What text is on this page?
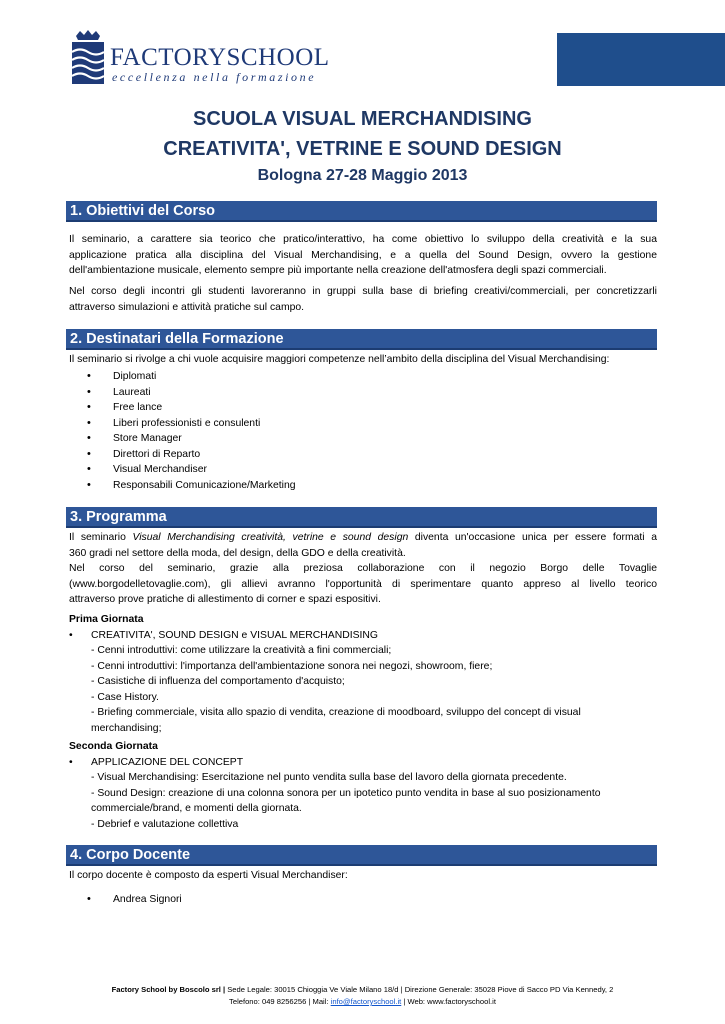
FACTORYSCHOOL
eccellenza nella formazione
SCUOLA VISUAL MERCHANDISING
CREATIVITA', VETRINE E SOUND DESIGN
Bologna 27-28 Maggio 2013
1. Obiettivi del Corso

Il seminario, a carattere sia teorico che pratico/interattivo, ha come obiettivo lo sviluppo della creatività e la sua
applicazione pratica alla disciplina del Visual Merchandising, e a quella del Sound Design, ovvero la gestione
dell'ambientazione musicale, elemento sempre più importante nella creazione dell'atmosfera degli spazi commerciali.

Nel corso degli incontri gli studenti lavoreranno in gruppi sulla base di briefing creativi/commerciali, per concretizzarli
attraverso simulazioni e attività pratiche sul campo.

2. Destinatari della Formazione

Il seminario si rivolge a chi vuole acquisire maggiori competenze nell’ambito della disciplina del Visual Merchandising:

• Diplomati
• Laureati
• Free lance
• Liberi professionisti e consulenti
• Store Manager
• Direttori di Reparto
• Visual Merchandiser
• Responsabili Comunicazione/Marketing
3. Programma

Il seminario Visual Merchandising creatività, vetrine e sound design diventa un'occasione unica per essere formati a
360 gradi nel settore della moda, del design, della GDO e della creatività.

Nel corso del seminario, grazie alla preziosa collaborazione con il negozio Borgo delle Tovaglie
(www.borgodelletovaglie.com), gli allievi avranno l'opportunità di sperimentare quanto appreso al livello teorico
attraverso prove pratiche di allestimento di corner e spazi espositivi.

Prima Giornata
• CREATIVITA', SOUND DESIGN e VISUAL MERCHANDISING
- Cenni introduttivi: come utilizzare la creatività a fini commerciali;
- Cenni introduttivi: l'importanza dell'ambientazione sonora nei negozi, showroom, fiere;
- Casistiche di influenza del comportamento d'acquisto;
- Case History.
- Briefing commerciale, visita allo spazio di vendita, creazione di moodboard, sviluppo del concept di visual
merchandising;
Seconda Giornata
• APPLICAZIONE DEL CONCEPT
- Visual Merchandising: Esercitazione nel punto vendita sulla base del lavoro della giornata precedente.
- Sound Design: creazione di una colonna sonora per un ipotetico punto vendita in base al suo posizionamento
commerciale/brand, e momenti della giornata.
- Debrief e valutazione collettiva
4. Corpo Docente

Il corpo docente è composto da esperti Visual Merchandiser:

• Andrea Signori
Factory School by Boscolo srl | Sede Legale: 30015 Chioggia Ve Viale Milano 18/d | Direzione Generale: 35028 Piove di Sacco PD Via Kennedy, 2
Telefono: 049 8256256 | Mail: info@factoryschool.it | Web: www.factoryschool.it
